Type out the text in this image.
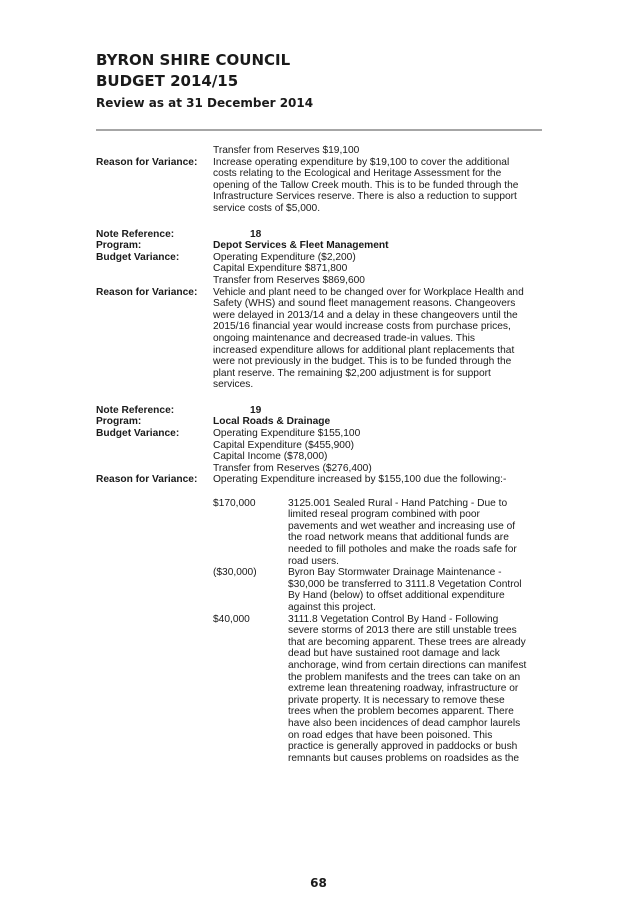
BYRON SHIRE COUNCIL
BUDGET 2014/15
Review as at 31 December 2014
Transfer from Reserves $19,100
Reason for Variance:	Increase operating expenditure by $19,100 to cover the additional
costs relating to the Ecological and Heritage Assessment for the
opening of the Tallow Creek mouth. This is to be funded through the
Infrastructure Services reserve. There is also a reduction to support
service costs of $5,000.
Note Reference:	18
Program:	Depot Services & Fleet Management
Budget Variance:	Operating Expenditure ($2,200)
Capital Expenditure $871,800
Transfer from Reserves $869,600
Reason for Variance:	Vehicle and plant need to be changed over for Workplace Health and
Safety (WHS) and sound fleet management reasons. Changeovers
were delayed in 2013/14 and a delay in these changeovers until the
2015/16 financial year would increase costs from purchase prices,
ongoing maintenance and decreased trade-in values. This
increased expenditure allows for additional plant replacements that
were not previously in the budget. This is to be funded through the
plant reserve. The remaining $2,200 adjustment is for support
services.
Note Reference:	19
Program:	Local Roads & Drainage
Budget Variance:	Operating Expenditure $155,100
Capital Expenditure ($455,900)
Capital Income ($78,000)
Transfer from Reserves ($276,400)
Reason for Variance:	Operating Expenditure increased by $155,100 due the following:-
$170,000	3125.001 Sealed Rural - Hand Patching - Due to
limited reseal program combined with poor
pavements and wet weather and increasing use of
the road network means that additional funds are
needed to fill potholes and make the roads safe for
road users.
($30,000)	Byron Bay Stormwater Drainage Maintenance -
$30,000 be transferred to 3111.8 Vegetation Control
By Hand (below) to offset additional expenditure
against this project.
$40,000	3111.8 Vegetation Control By Hand - Following
severe storms of 2013 there are still unstable trees
that are becoming apparent. These trees are already
dead but have sustained root damage and lack
anchorage, wind from certain directions can manifest
the problem manifests and the trees can take on an
extreme lean threatening roadway, infrastructure or
private property. It is necessary to remove these
trees when the problem becomes apparent. There
have also been incidences of dead camphor laurels
on road edges that have been poisoned. This
practice is generally approved in paddocks or bush
remnants but causes problems on roadsides as the
68
